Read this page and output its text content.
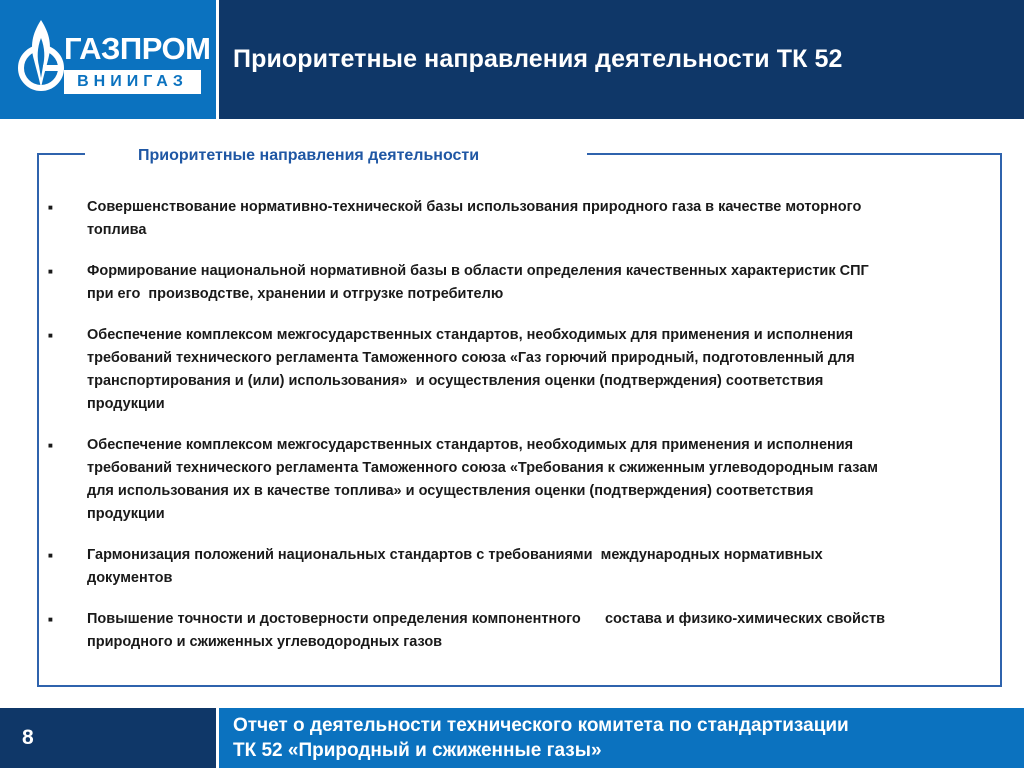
ГАЗПРОМ
ВНИИГАЗ
Приоритетные направления деятельности ТК 52
Приоритетные направления деятельности
■	Совершенствование нормативно-технической базы использования природного газа в качестве моторного
топлива
■	Формирование национальной нормативной базы в области определения качественных характеристик СПГ
при его  производстве, хранении и отгрузке потребителю
■	Обеспечение комплексом межгосударственных стандартов, необходимых для применения и исполнения
требований технического регламента Таможенного союза «Газ горючий природный, подготовленный для
транспортирования и (или) использования»  и осуществления оценки (подтверждения) соответствия
продукции
■	Обеспечение комплексом межгосударственных стандартов, необходимых для применения и исполнения
требований технического регламента Таможенного союза «Требования к сжиженным углеводородным газам
для использования их в качестве топлива» и осуществления оценки (подтверждения) соответствия
продукции
■	Гармонизация положений национальных стандартов с требованиями  международных нормативных
документов
■	Повышение точности и достоверности определения компонентного      состава и физико-химических свойств
природного и сжиженных углеводородных газов
8
Отчет о деятельности технического комитета по стандартизации
ТК 52 «Природный и сжиженные газы»
